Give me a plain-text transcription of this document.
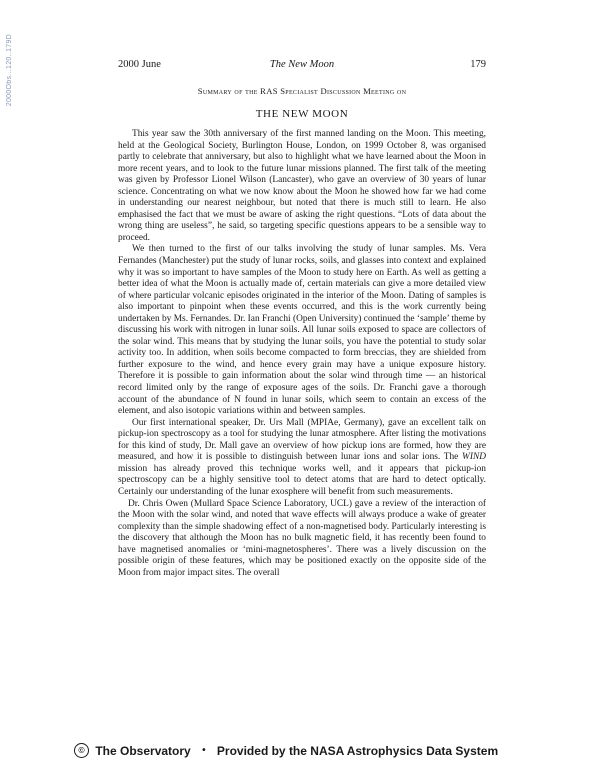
2000Obs...120..179D	2000 June	The New Moon	179
Summary of the RAS Specialist Discussion Meeting on
THE NEW MOON

This year saw the 30th anniversary of the first manned landing on the Moon. This meeting, held at the Geological Society, Burlington House, London, on 1999 October 8, was organised partly to celebrate that anniversary, but also to highlight what we have learned about the Moon in more recent years, and to look to the future lunar missions planned. The first talk of the meeting was given by Professor Lionel Wilson (Lancaster), who gave an overview of 30 years of lunar science. Concentrating on what we now know about the Moon he showed how far we had come in understanding our nearest neighbour, but noted that there is much still to learn. He also emphasised the fact that we must be aware of asking the right questions. “Lots of data about the wrong thing are useless”, he said, so targeting specific questions appears to be a sensible way to proceed.

We then turned to the first of our talks involving the study of lunar samples. Ms. Vera Fernandes (Manchester) put the study of lunar rocks, soils, and glasses into context and explained why it was so important to have samples of the Moon to study here on Earth. As well as getting a better idea of what the Moon is actually made of, certain materials can give a more detailed view of where particular volcanic episodes originated in the interior of the Moon. Dating of samples is also important to pinpoint when these events occurred, and this is the work currently being undertaken by Ms. Fernandes. Dr. Ian Franchi (Open University) continued the ‘sample’ theme by discussing his work with nitrogen in lunar soils. All lunar soils exposed to space are collectors of the solar wind. This means that by studying the lunar soils, you have the potential to study solar activity too. In addition, when soils become compacted to form breccias, they are shielded from further exposure to the wind, and hence every grain may have a unique exposure history. Therefore it is possible to gain information about the solar wind through time — an historical record limited only by the range of exposure ages of the soils. Dr. Franchi gave a thorough account of the abundance of N found in lunar soils, which seem to contain an excess of the element, and also isotopic variations within and between samples.

Our first international speaker, Dr. Urs Mall (MPIAe, Germany), gave an excellent talk on pickup-ion spectroscopy as a tool for studying the lunar atmosphere. After listing the motivations for this kind of study, Dr. Mall gave an overview of how pickup ions are formed, how they are measured, and how it is possible to distinguish between lunar ions and solar ions. The WIND mission has already proved this technique works well, and it appears that pickup-ion spectroscopy can be a highly sensitive tool to detect atoms that are hard to detect optically. Certainly our understanding of the lunar exosphere will benefit from such measurements.

Dr. Chris Owen (Mullard Space Science Laboratory, UCL) gave a review of the interaction of the Moon with the solar wind, and noted that wave effects will always produce a wake of greater complexity than the simple shadowing effect of a non-magnetised body. Particularly interesting is the discovery that although the Moon has no bulk magnetic field, it has recently been found to have magnetised anomalies or ‘mini-magnetospheres’. There was a lively discussion on the possible origin of these features, which may be positioned exactly on the opposite side of the Moon from major impact sites. The overall

© The Observatory • Provided by the NASA Astrophysics Data System
